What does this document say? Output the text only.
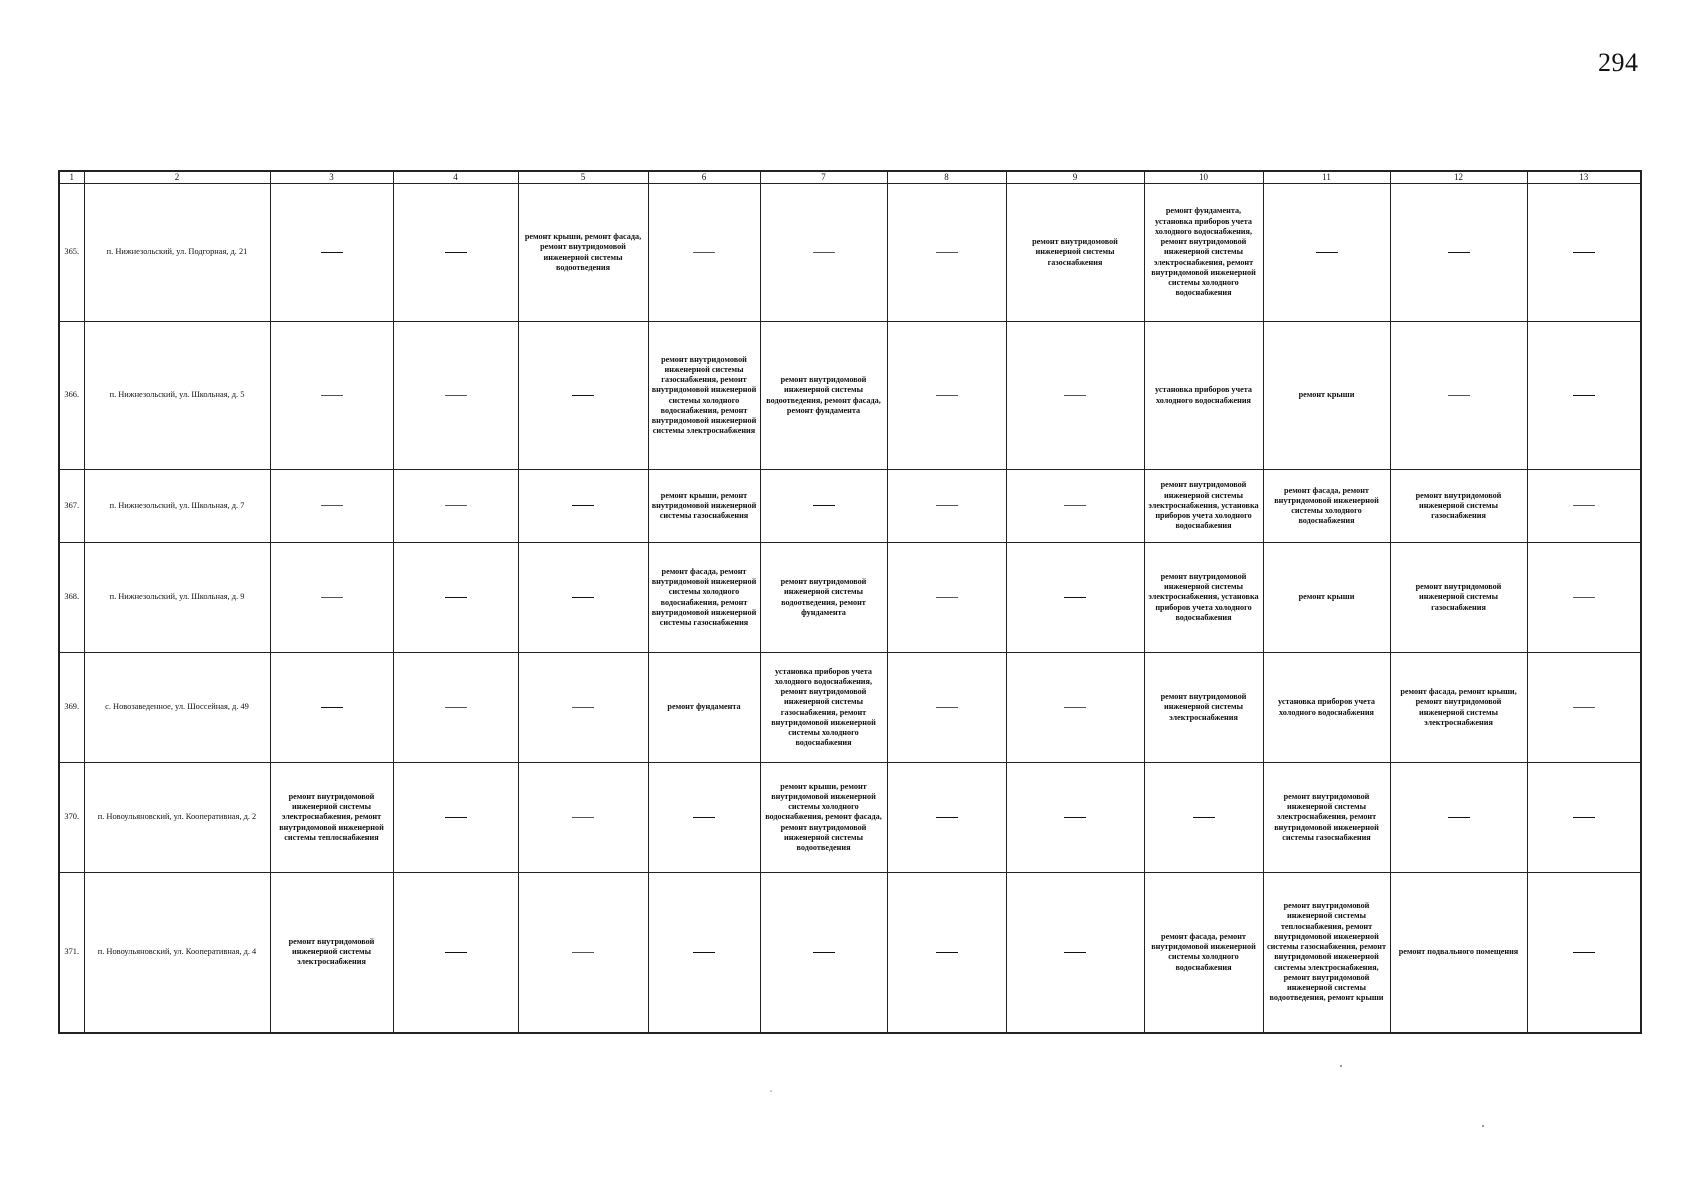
294
1	2	3	4	5	6	7	8	9	10	11	12	13
365.	п. Нижнезольский, ул. Подгорная, д. 21			ремонт крыши, ремонт фасада, ремонт внутридомовой инженерной системы водоотведения				ремонт внутридомовой инженерной системы газоснабжения	ремонт фундамента, установка приборов учета холодного водоснабжения, ремонт внутридомовой инженерной системы электроснабжения, ремонт внутридомовой инженерной системы холодного водоснабжения			
366.	п. Нижнезольский, ул. Школьная, д. 5				ремонт внутридомовой инженерной системы газоснабжения, ремонт внутридомовой инженерной системы холодного водоснабжения, ремонт внутридомовой инженерной системы электроснабжения	ремонт внутридомовой инженерной системы водоотведения, ремонт фасада, ремонт фундамента			установка приборов учета холодного водоснабжения	ремонт крыши		
367.	п. Нижнезольский, ул. Школьная, д. 7				ремонт крыши, ремонт внутридомовой инженерной системы газоснабжения				ремонт внутридомовой инженерной системы электроснабжения, установка приборов учета холодного водоснабжения	ремонт фасада, ремонт внутридомовой инженерной системы холодного водоснабжения	ремонт внутридомовой инженерной системы газоснабжения	
368.	п. Нижнезольский, ул. Школьная, д. 9				ремонт фасада, ремонт внутридомовой инженерной системы холодного водоснабжения, ремонт внутридомовой инженерной системы газоснабжения	ремонт внутридомовой инженерной системы водоотведения, ремонт фундамента			ремонт внутридомовой инженерной системы электроснабжения, установка приборов учета холодного водоснабжения	ремонт крыши	ремонт внутридомовой инженерной системы газоснабжения	
369.	с. Новозаведенное, ул. Шоссейная, д. 49				ремонт фундамента	установка приборов учета холодного водоснабжения, ремонт внутридомовой инженерной системы газоснабжения, ремонт внутридомовой инженерной системы холодного водоснабжения			ремонт внутридомовой инженерной системы электроснабжения	установка приборов учета холодного водоснабжения	ремонт фасада, ремонт крыши, ремонт внутридомовой инженерной системы электроснабжения	
370.	п. Новоульяновский, ул. Кооперативная, д. 2	ремонт внутридомовой инженерной системы электроснабжения, ремонт внутридомовой инженерной системы теплоснабжения				ремонт крыши, ремонт внутридомовой инженерной системы холодного водоснабжения, ремонт фасада, ремонт внутридомовой инженерной системы водоотведения				ремонт внутридомовой инженерной системы электроснабжения, ремонт внутридомовой инженерной системы газоснабжения		
371.	п. Новоульяновский, ул. Кооперативная, д. 4	ремонт внутридомовой инженерной системы электроснабжения							ремонт фасада, ремонт внутридомовой инженерной системы холодного водоснабжения	ремонт внутридомовой инженерной системы теплоснабжения, ремонт внутридомовой инженерной системы газоснабжения, ремонт внутридомовой инженерной системы электроснабжения, ремонт внутридомовой инженерной системы водоотведения, ремонт крыши	ремонт подвального помещения	
